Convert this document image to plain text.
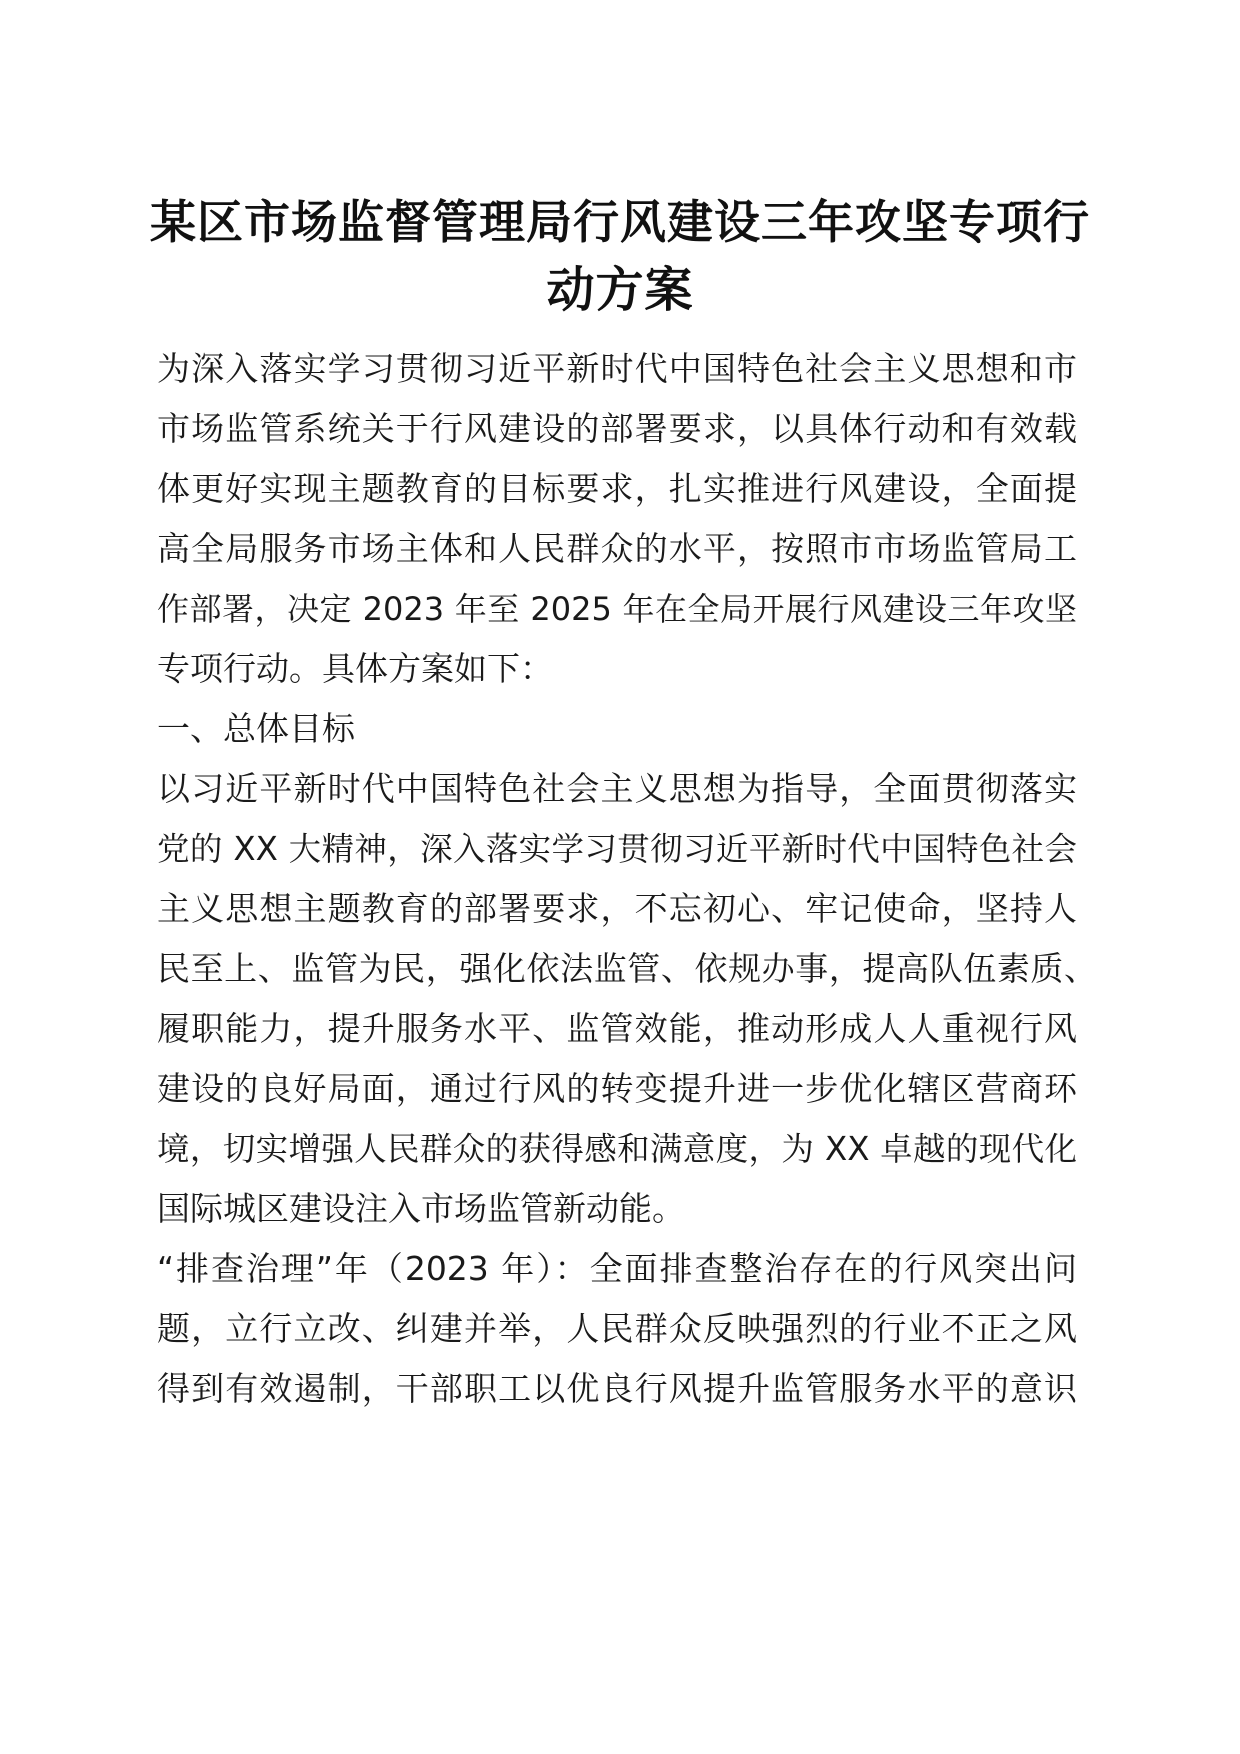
某区市场监督管理局行风建设三年攻坚专项行
动方案
为深入落实学习贯彻习近平新时代中国特色社会主义思想和市
市场监管系统关于行风建设的部署要求，以具体行动和有效载
体更好实现主题教育的目标要求，扎实推进行风建设，全面提
高全局服务市场主体和人民群众的水平，按照市市场监管局工
作部署，决定 2023 年至 2025 年在全局开展行风建设三年攻坚
专项行动。具体方案如下：
一、总体目标
以习近平新时代中国特色社会主义思想为指导，全面贯彻落实
党的 XX 大精神，深入落实学习贯彻习近平新时代中国特色社会
主义思想主题教育的部署要求，不忘初心、牢记使命，坚持人
民至上、监管为民，强化依法监管、依规办事，提高队伍素质、
履职能力，提升服务水平、监管效能，推动形成人人重视行风
建设的良好局面，通过行风的转变提升进一步优化辖区营商环
境，切实增强人民群众的获得感和满意度，为 XX 卓越的现代化
国际城区建设注入市场监管新动能。
“排查治理”年（2023 年）：全面排查整治存在的行风突出问
题，立行立改、纠建并举，人民群众反映强烈的行业不正之风
得到有效遏制，干部职工以优良行风提升监管服务水平的意识
